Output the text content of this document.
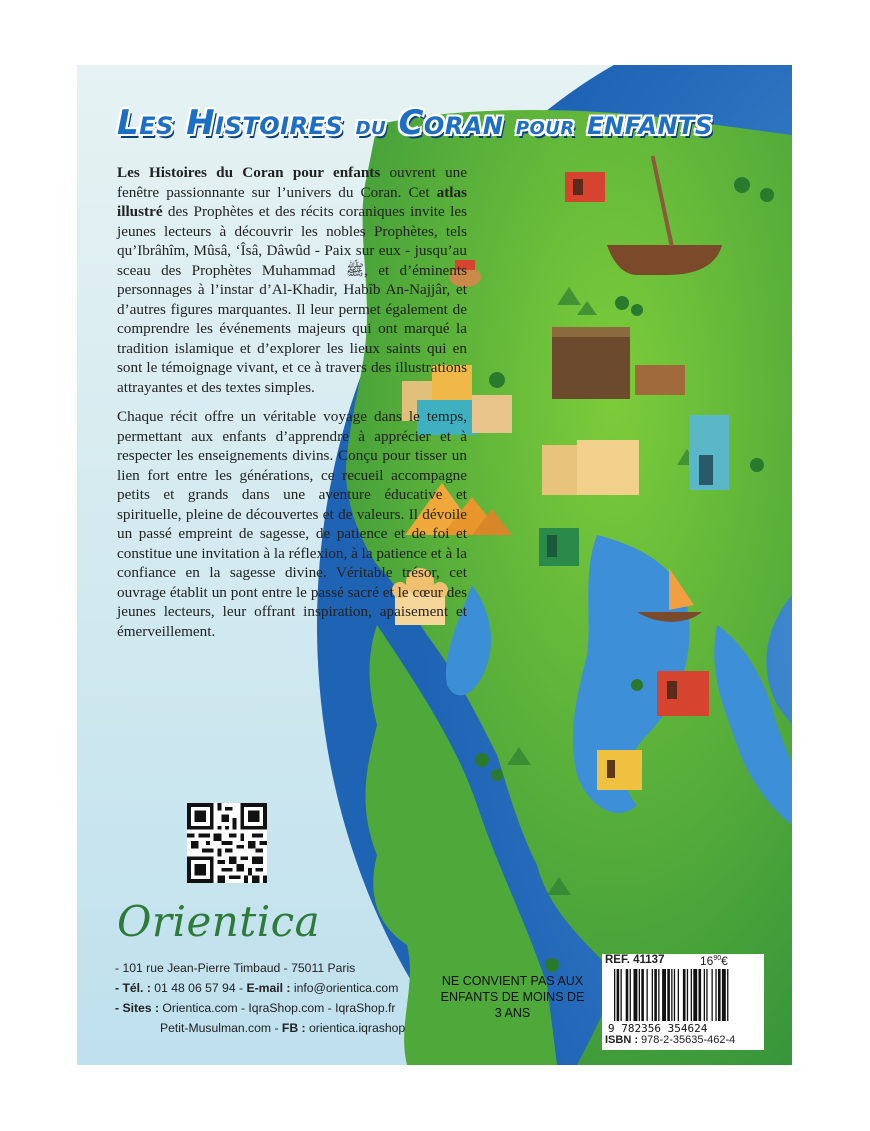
Les Histoires du Coran pour enfants

Les Histoires du Coran pour enfants ouvrent une fenêtre passionnante sur l’univers du Coran. Cet atlas illustré des Prophètes et des récits coraniques invite les jeunes lecteurs à découvrir les nobles Prophètes, tels qu’Ibrâhîm, Mûsâ, ‘Îsâ, Dâwûd - Paix sur eux - jusqu’au sceau des Prophètes Muhammad ﷺ, et d’éminents personnages à l’instar d’Al-Khadir, Habîb An-Najjâr, et d’autres figures marquantes. Il leur permet également de comprendre les événements majeurs qui ont marqué la tradition islamique et d’explorer les lieux saints qui en sont le témoignage vivant, et ce à travers des illustrations attrayantes et des textes simples.

Chaque récit offre un véritable voyage dans le temps, permettant aux enfants d’apprendre à apprécier et à respecter les enseignements divins. Conçu pour tisser un lien fort entre les générations, ce recueil accompagne petits et grands dans une aventure éducative et spirituelle, pleine de découvertes et de valeurs. Il dévoile un passé empreint de sagesse, de patience et de foi et constitue une invitation à la réflexion, à la patience et à la confiance en la sagesse divine. Véritable trésor, cet ouvrage établit un pont entre le passé sacré et le cœur des jeunes lecteurs, leur offrant inspiration, apaisement et émerveillement.

Orientica
- 101 rue Jean-Pierre Timbaud - 75011 Paris
- Tél. : 01 48 06 57 94 - E-mail : info@orientica.com
- Sites : Orientica.com - IqraShop.com - IqraShop.fr
Petit-Musulman.com - FB : orientica.iqrashop
NE CONVIENT PAS AUX ENFANTS DE MOINS DE 3 ANS
REF. 41137	$16^{90}€$
9 782356 354624
ISBN : 978-2-35635-462-4
